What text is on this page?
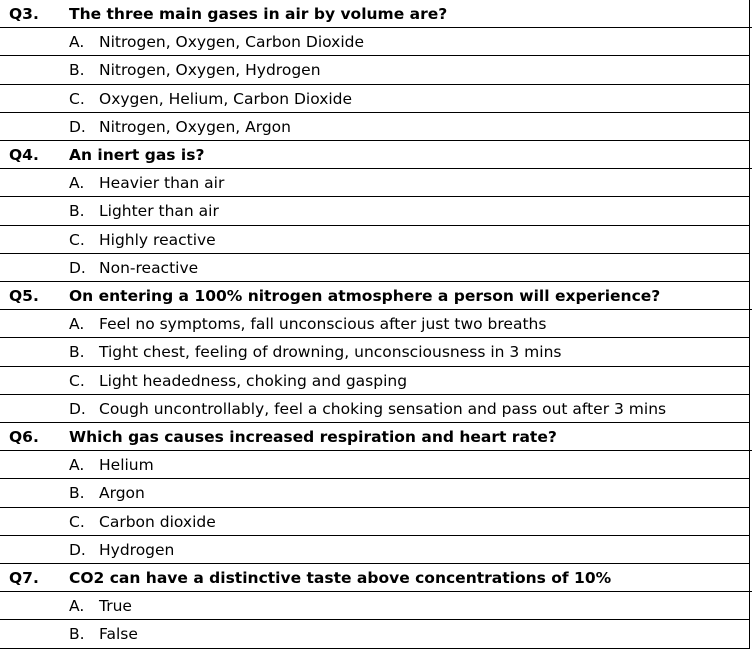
Q3. The three main gases in air by volume are?
A. Nitrogen, Oxygen, Carbon Dioxide
B. Nitrogen, Oxygen, Hydrogen
C. Oxygen, Helium, Carbon Dioxide
D. Nitrogen, Oxygen, Argon
Q4. An inert gas is?
A. Heavier than air
B. Lighter than air
C. Highly reactive
D. Non-reactive
Q5. On entering a 100% nitrogen atmosphere a person will experience?
A. Feel no symptoms, fall unconscious after just two breaths
B. Tight chest, feeling of drowning, unconsciousness in 3 mins
C. Light headedness, choking and gasping
D. Cough uncontrollably, feel a choking sensation and pass out after 3 mins
Q6. Which gas causes increased respiration and heart rate?
A. Helium
B. Argon
C. Carbon dioxide
D. Hydrogen
Q7. CO2 can have a distinctive taste above concentrations of 10%
A. True
B. False
